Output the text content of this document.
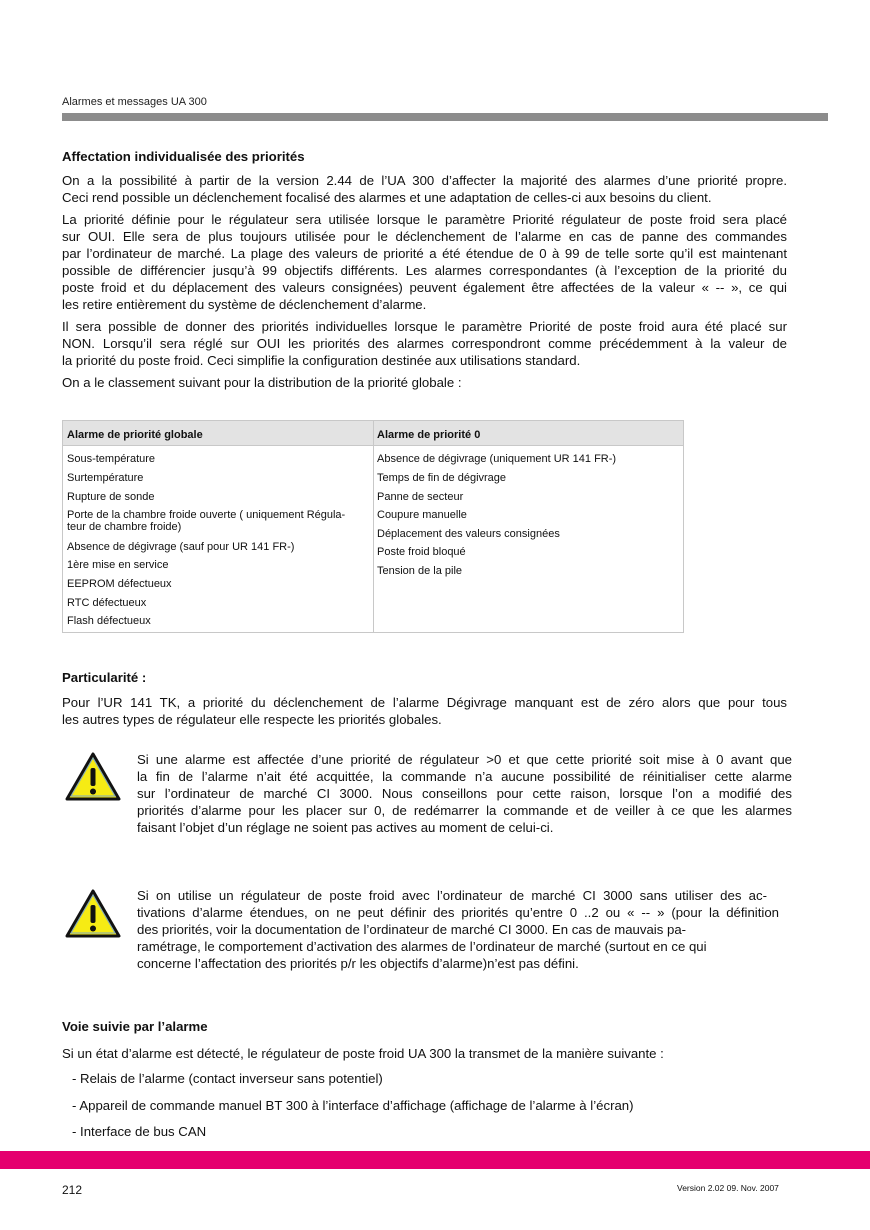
Alarmes et messages UA 300
Affectation individualisée des priorités
On a la possibilité à partir de la version 2.44 de l’UA 300 d’affecter la majorité des alarmes d’une priorité propre.
Ceci rend possible un déclenchement focalisé des alarmes et une adaptation de celles-ci aux besoins du client.
La priorité définie pour le régulateur sera utilisée lorsque le paramètre Priorité régulateur de poste froid sera placé
sur OUI. Elle sera de plus toujours utilisée pour le déclenchement de l’alarme en cas de panne des commandes
par l’ordinateur de marché. La plage des valeurs de priorité a été étendue de 0 à 99 de telle sorte qu’il est maintenant
possible de différencier jusqu’à 99 objectifs différents. Les alarmes correspondantes (à l’exception de la priorité du
poste froid et du déplacement des valeurs consignées) peuvent également être affectées de la valeur « -- », ce qui
les retire entièrement du système de déclenchement d’alarme.
Il sera possible de donner des priorités individuelles lorsque le paramètre Priorité de poste froid aura été placé sur
NON. Lorsqu’il sera réglé sur OUI les priorités des alarmes correspondront comme précédemment à la valeur de
la priorité du poste froid. Ceci simplifie la configuration destinée aux utilisations standard.
On a le classement suivant pour la distribution de la priorité globale :
Alarme de priorité globale	Alarme de priorité 0
Sous-température
Surtempérature
Rupture de sonde
Porte de la chambre froide ouverte ( uniquement Régula-
teur de chambre froide)
Absence de dégivrage (sauf pour UR 141 FR-)
1ère mise en service
EEPROM défectueux
RTC défectueux
Flash défectueux
Absence de dégivrage (uniquement UR 141 FR-)
Temps de fin de dégivrage
Panne de secteur
Coupure manuelle
Déplacement des valeurs consignées
Poste froid bloqué
Tension de la pile
Particularité :
Pour l’UR 141 TK, a priorité du déclenchement de l’alarme Dégivrage manquant est de zéro alors que pour tous
les autres types de régulateur elle respecte les priorités globales.
Si une alarme est affectée d’une priorité de régulateur >0 et que cette priorité soit mise à 0 avant que
la fin de l’alarme n’ait été acquittée, la commande n’a aucune possibilité de réinitialiser cette alarme
sur l’ordinateur de marché CI 3000. Nous conseillons pour cette raison, lorsque l’on a modifié des
priorités d’alarme pour les placer sur 0, de redémarrer la commande et de veiller à ce que les alarmes
faisant l’objet d’un réglage ne soient pas actives au moment de celui-ci.
Si on utilise un régulateur de poste froid avec l’ordinateur de marché CI 3000 sans utiliser des ac-
tivations d’alarme étendues, on ne peut définir des priorités qu’entre 0 ..2 ou « -- » (pour la définition
des priorités, voir la documentation de l’ordinateur de marché CI 3000. En cas de mauvais pa-
ramétrage, le comportement d’activation des alarmes de l’ordinateur de marché (surtout en ce qui
concerne l’affectation des priorités p/r les objectifs d’alarme)n’est pas défini.
Voie suivie par l’alarme
Si un état d’alarme est détecté, le régulateur de poste froid UA 300 la transmet de la manière suivante :
- Relais de l’alarme (contact inverseur sans potentiel)
- Appareil de commande manuel BT 300 à l’interface d’affichage (affichage de l’alarme à l’écran)
- Interface de bus CAN
212	Version 2.02 09. Nov. 2007
